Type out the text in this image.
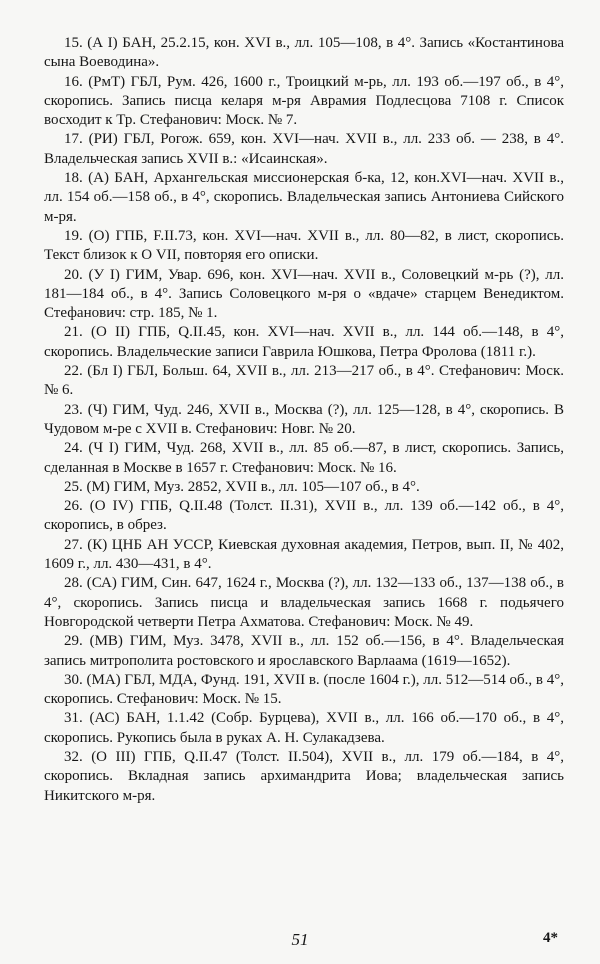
15. (А I) БАН, 25.2.15, кон. XVI в., лл. 105—108, в 4°. Запись «Костантинова сына Воеводина».

16. (РмТ) ГБЛ, Рум. 426, 1600 г., Троицкий м-рь, лл. 193 об.—197 об., в 4°, скоропись. Запись писца келаря м-ря Аврамия Подлесцова 7108 г. Список восходит к Тр. Стефанович: Моск. № 7.

17. (РИ) ГБЛ, Рогож. 659, кон. XVI—нач. XVII в., лл. 233 об. — 238, в 4°. Владельческая запись XVII в.: «Исаинская».

18. (А) БАН, Архангельская миссионерская б-ка, 12, кон.XVI—нач. XVII в., лл. 154 об.—158 об., в 4°, скоропись. Владельческая запись Антониева Сийского м-ря.

19. (О) ГПБ, F.II.73, кон. XVI—нач. XVII в., лл. 80—82, в лист, скоропись. Текст близок к О VII, повторяя его описки.

20. (У I) ГИМ, Увар. 696, кон. XVI—нач. XVII в., Соловецкий м-рь (?), лл. 181—184 об., в 4°. Запись Соловецкого м-ря о «вдаче» старцем Венедиктом. Стефанович: стр. 185, № 1.

21. (О II) ГПБ, Q.II.45, кон. XVI—нач. XVII в., лл. 144 об.—148, в 4°, скоропись. Владельческие записи Гаврила Юшкова, Петра Фролова (1811 г.).

22. (Бл I) ГБЛ, Больш. 64, XVII в., лл. 213—217 об., в 4°. Стефанович: Моск. № 6.

23. (Ч) ГИМ, Чуд. 246, XVII в., Москва (?), лл. 125—128, в 4°, скоропись. В Чудовом м-ре с XVII в. Стефанович: Новг. № 20.

24. (Ч I) ГИМ, Чуд. 268, XVII в., лл. 85 об.—87, в лист, скоропись. Запись, сделанная в Москве в 1657 г. Стефанович: Моск. № 16.

25. (М) ГИМ, Муз. 2852, XVII в., лл. 105—107 об., в 4°.

26. (О IV) ГПБ, Q.II.48 (Толст. II.31), XVII в., лл. 139 об.—142 об., в 4°, скоропись, в обрез.

27. (К) ЦНБ АН УССР, Киевская духовная академия, Петров, вып. II, № 402, 1609 г., лл. 430—431, в 4°.

28. (СА) ГИМ, Син. 647, 1624 г., Москва (?), лл. 132—133 об., 137—138 об., в 4°, скоропись. Запись писца и владельческая запись 1668 г. подьячего Новгородской четверти Петра Ахматова. Стефанович: Моск. № 49.

29. (МВ) ГИМ, Муз. 3478, XVII в., лл. 152 об.—156, в 4°. Владельческая запись митрополита ростовского и ярославского Варлаама (1619—1652).

30. (МА) ГБЛ, МДА, Фунд. 191, XVII в. (после 1604 г.), лл. 512—514 об., в 4°, скоропись. Стефанович: Моск. № 15.

31. (АС) БАН, 1.1.42 (Собр. Бурцева), XVII в., лл. 166 об.—170 об., в 4°, скоропись. Рукопись была в руках А. Н. Сулакадзева.

32. (О III) ГПБ, Q.II.47 (Толст. II.504), XVII в., лл. 179 об.—184, в 4°, скоропись. Вкладная запись архимандрита Иова; владельческая запись Никитского м-ря.

51	4*
